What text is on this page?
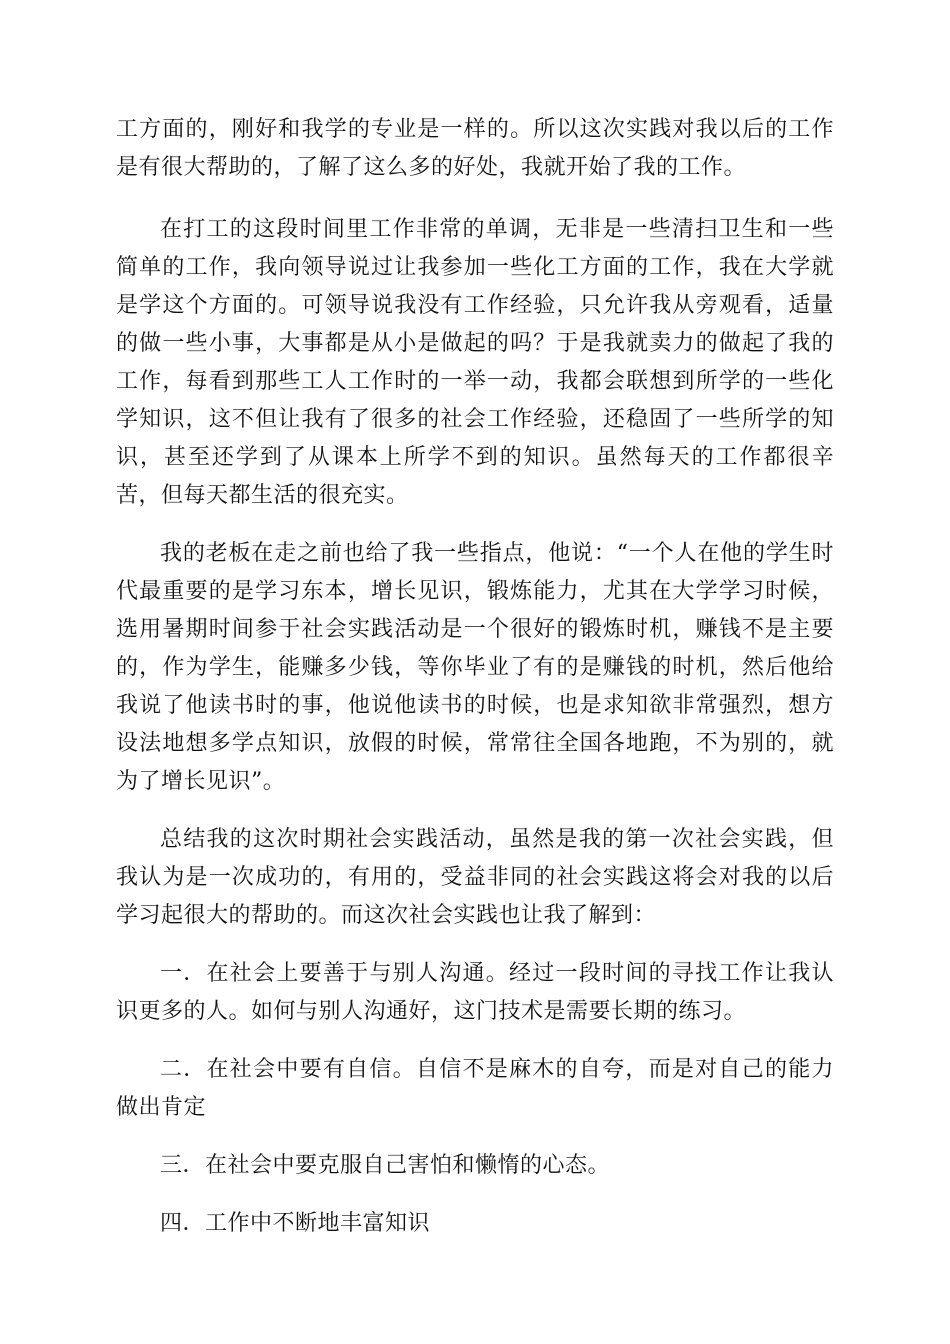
工方面的，刚好和我学的专业是一样的。所以这次实践对我以后的工作是有很大帮助的，了解了这么多的好处，我就开始了我的工作。

在打工的这段时间里工作非常的单调，无非是一些清扫卫生和一些简单的工作，我向领导说过让我参加一些化工方面的工作，我在大学就是学这个方面的。可领导说我没有工作经验，只允许我从旁观看，适量的做一些小事，大事都是从小是做起的吗？于是我就卖力的做起了我的工作，每看到那些工人工作时的一举一动，我都会联想到所学的一些化学知识，这不但让我有了很多的社会工作经验，还稳固了一些所学的知识，甚至还学到了从课本上所学不到的知识。虽然每天的工作都很辛苦，但每天都生活的很充实。

我的老板在走之前也给了我一些指点，他说：“一个人在他的学生时代最重要的是学习东本，增长见识，锻炼能力，尤其在大学学习时候，选用暑期时间参于社会实践活动是一个很好的锻炼时机，赚钱不是主要的，作为学生，能赚多少钱，等你毕业了有的是赚钱的时机，然后他给我说了他读书时的事，他说他读书的时候，也是求知欲非常强烈，想方设法地想多学点知识，放假的时候，常常往全国各地跑，不为别的，就为了增长见识”。

总结我的这次时期社会实践活动，虽然是我的第一次社会实践，但我认为是一次成功的，有用的，受益非同的社会实践这将会对我的以后学习起很大的帮助的。而这次社会实践也让我了解到：

一．在社会上要善于与别人沟通。经过一段时间的寻找工作让我认识更多的人。如何与别人沟通好，这门技术是需要长期的练习。

二．在社会中要有自信。自信不是麻木的自夸，而是对自己的能力做出肯定

三．在社会中要克服自己害怕和懒惰的心态。

四．工作中不断地丰富知识
